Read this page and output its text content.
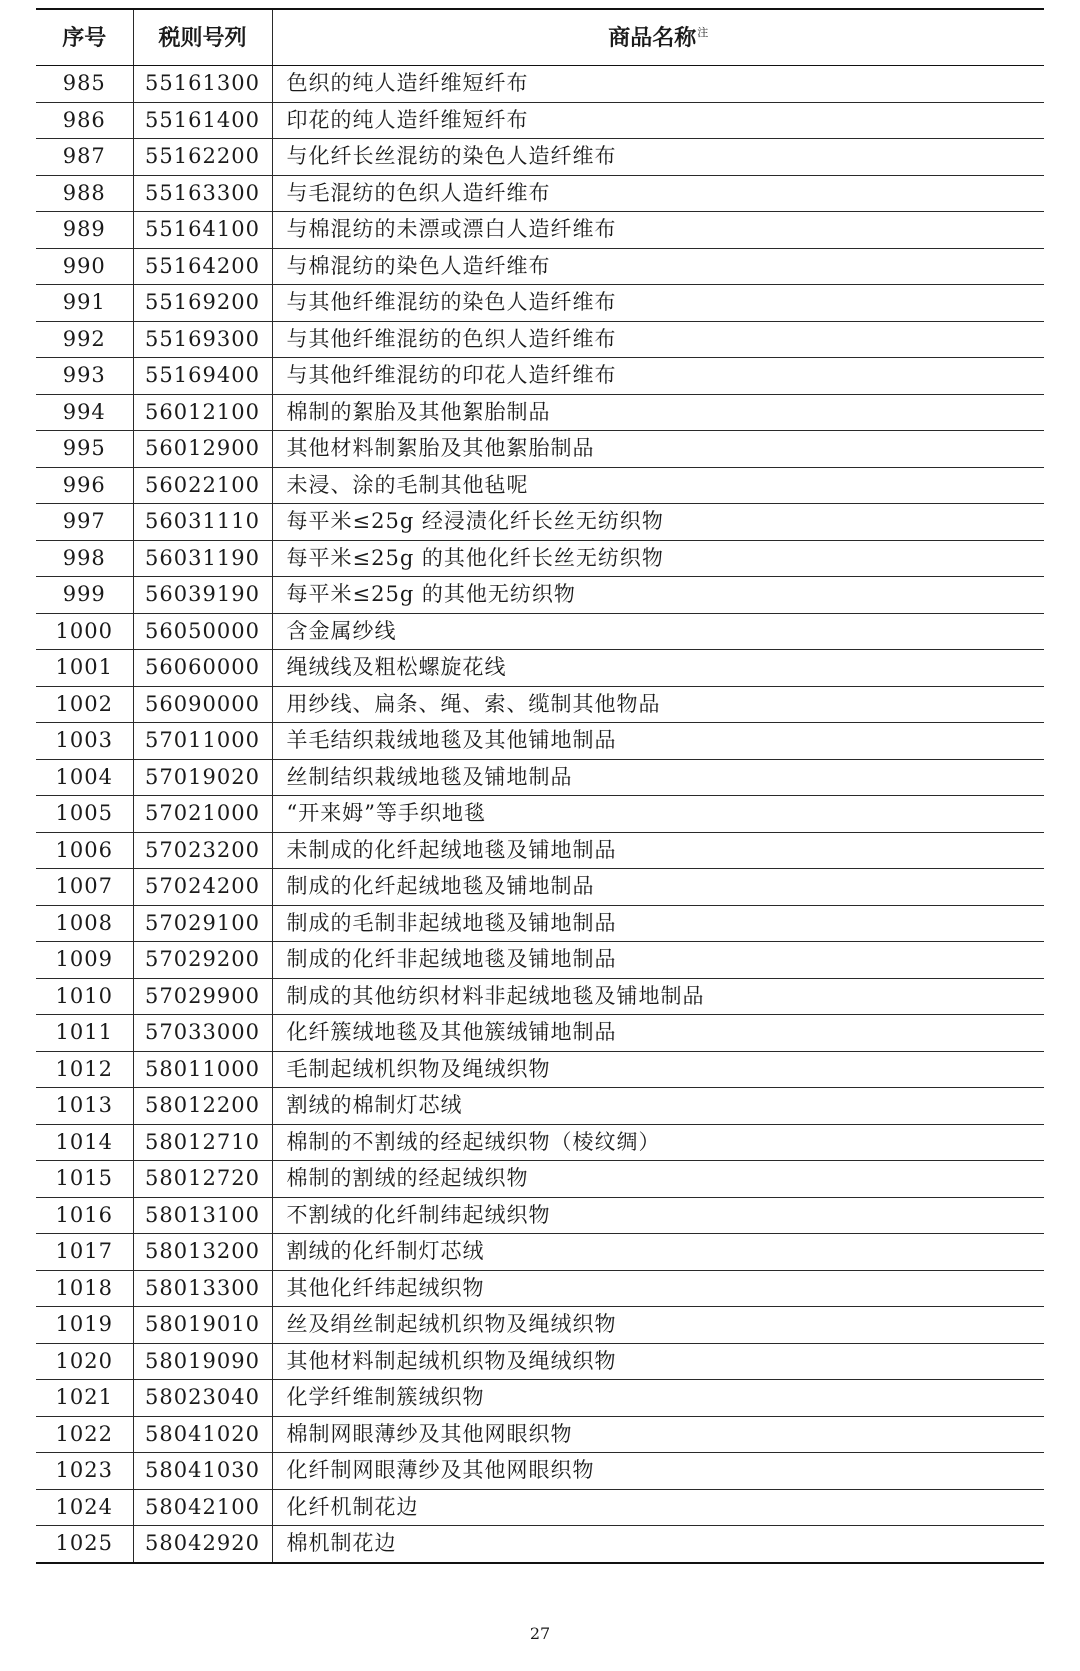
序号	税则号列	商品名称$^注$
985	55161300	色织的纯人造纤维短纤布
986	55161400	印花的纯人造纤维短纤布
987	55162200	与化纤长丝混纺的染色人造纤维布
988	55163300	与毛混纺的色织人造纤维布
989	55164100	与棉混纺的未漂或漂白人造纤维布
990	55164200	与棉混纺的染色人造纤维布
991	55169200	与其他纤维混纺的染色人造纤维布
992	55169300	与其他纤维混纺的色织人造纤维布
993	55169400	与其他纤维混纺的印花人造纤维布
994	56012100	棉制的絮胎及其他絮胎制品
995	56012900	其他材料制絮胎及其他絮胎制品
996	56022100	未浸、涂的毛制其他毡呢
997	56031110	每平米≤25g 经浸渍化纤长丝无纺织物
998	56031190	每平米≤25g 的其他化纤长丝无纺织物
999	56039190	每平米≤25g 的其他无纺织物
1000	56050000	含金属纱线
1001	56060000	绳绒线及粗松螺旋花线
1002	56090000	用纱线、扁条、绳、索、缆制其他物品
1003	57011000	羊毛结织栽绒地毯及其他铺地制品
1004	57019020	丝制结织栽绒地毯及铺地制品
1005	57021000	“开来姆”等手织地毯
1006	57023200	未制成的化纤起绒地毯及铺地制品
1007	57024200	制成的化纤起绒地毯及铺地制品
1008	57029100	制成的毛制非起绒地毯及铺地制品
1009	57029200	制成的化纤非起绒地毯及铺地制品
1010	57029900	制成的其他纺织材料非起绒地毯及铺地制品
1011	57033000	化纤簇绒地毯及其他簇绒铺地制品
1012	58011000	毛制起绒机织物及绳绒织物
1013	58012200	割绒的棉制灯芯绒
1014	58012710	棉制的不割绒的经起绒织物（棱纹绸）
1015	58012720	棉制的割绒的经起绒织物
1016	58013100	不割绒的化纤制纬起绒织物
1017	58013200	割绒的化纤制灯芯绒
1018	58013300	其他化纤纬起绒织物
1019	58019010	丝及绢丝制起绒机织物及绳绒织物
1020	58019090	其他材料制起绒机织物及绳绒织物
1021	58023040	化学纤维制簇绒织物
1022	58041020	棉制网眼薄纱及其他网眼织物
1023	58041030	化纤制网眼薄纱及其他网眼织物
1024	58042100	化纤机制花边
1025	58042920	棉机制花边
27
